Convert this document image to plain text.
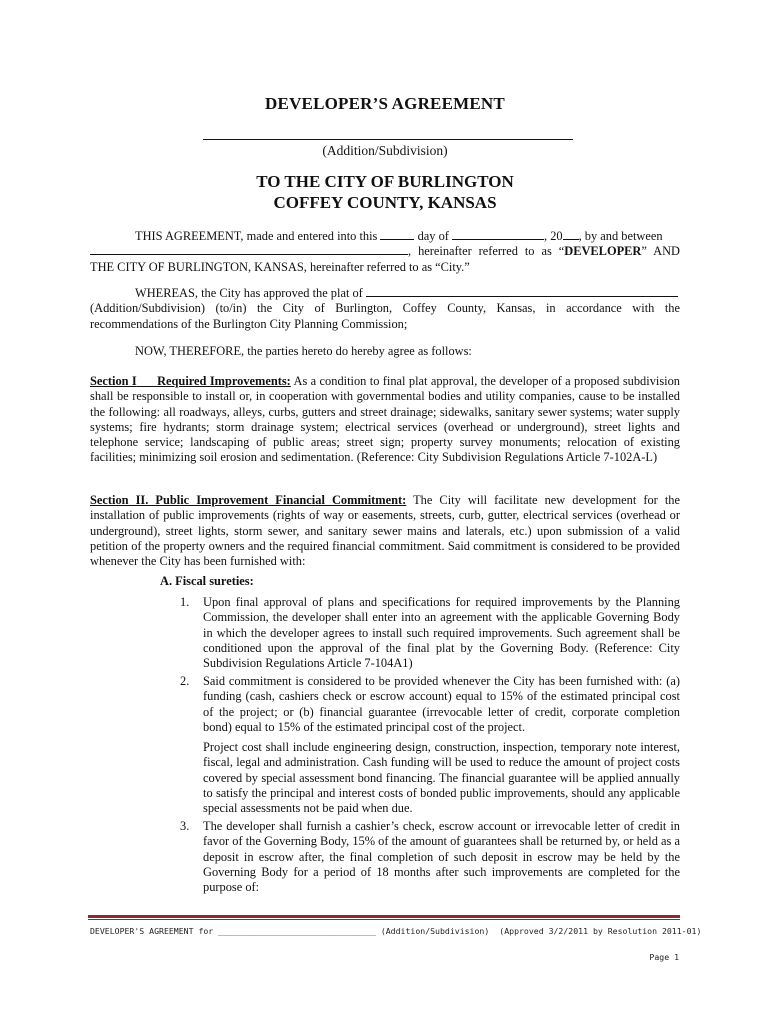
DEVELOPER’S AGREEMENT
(Addition/Subdivision)
TO THE CITY OF BURLINGTON
COFFEY COUNTY, KANSAS

THIS AGREEMENT, made and entered into this	day of	, 20 , by and between
, hereinafter referred to as “DEVELOPER” AND THE CITY OF BURLINGTON, KANSAS, hereinafter referred to as “City.”

WHEREAS, the City has approved the plat of
(Addition/Subdivision) (to/in) the City of Burlington, Coffey County, Kansas, in accordance with the recommendations of the Burlington City Planning Commission;

NOW, THEREFORE, the parties hereto do hereby agree as follows:

Section I Required Improvements: As a condition to final plat approval, the developer of a proposed subdivision shall be responsible to install or, in cooperation with governmental bodies and utility companies, cause to be installed the following: all roadways, alleys, curbs, gutters and street drainage; sidewalks, sanitary sewer systems; water supply systems; fire hydrants; storm drainage system; electrical services (overhead or underground), street lights and telephone service; landscaping of public areas; street sign; property survey monuments; relocation of existing facilities; minimizing soil erosion and sedimentation. (Reference: City Subdivision Regulations Article 7-102A-L)

Section II. Public Improvement Financial Commitment: The City will facilitate new development for the installation of public improvements (rights of way or easements, streets, curb, gutter, electrical services (overhead or underground), street lights, storm sewer, and sanitary sewer mains and laterals, etc.) upon submission of a valid petition of the property owners and the required financial commitment. Said commitment is considered to be provided whenever the City has been furnished with:

A. Fiscal sureties:
1.	Upon final approval of plans and specifications for required improvements by the Planning Commission, the developer shall enter into an agreement with the applicable Governing Body in which the developer agrees to install such required improvements. Such agreement shall be conditioned upon the approval of the final plat by the Governing Body. (Reference: City Subdivision Regulations Article 7-104A1)
2.	Said commitment is considered to be provided whenever the City has been furnished with: (a) funding (cash, cashiers check or escrow account) equal to 15% of the estimated principal cost of the project; or (b) financial guarantee (irrevocable letter of credit, corporate completion bond) equal to 15% of the estimated principal cost of the project.
Project cost shall include engineering design, construction, inspection, temporary note interest, fiscal, legal and administration. Cash funding will be used to reduce the amount of project costs covered by special assessment bond financing. The financial guarantee will be applied annually to satisfy the principal and interest costs of bonded public improvements, should any applicable special assessments not be paid when due.
3.	The developer shall furnish a cashier’s check, escrow account or irrevocable letter of credit in favor of the Governing Body, 15% of the amount of guarantees shall be returned by, or held as a deposit in escrow after, the final completion of such deposit in escrow may be held by the Governing Body for a period of 18 months after such improvements are completed for the purpose of:
DEVELOPER'S AGREEMENT for ________________________________ (Addition/Subdivision) (Approved 3/2/2011 by Resolution 2011-01)
Page 1
